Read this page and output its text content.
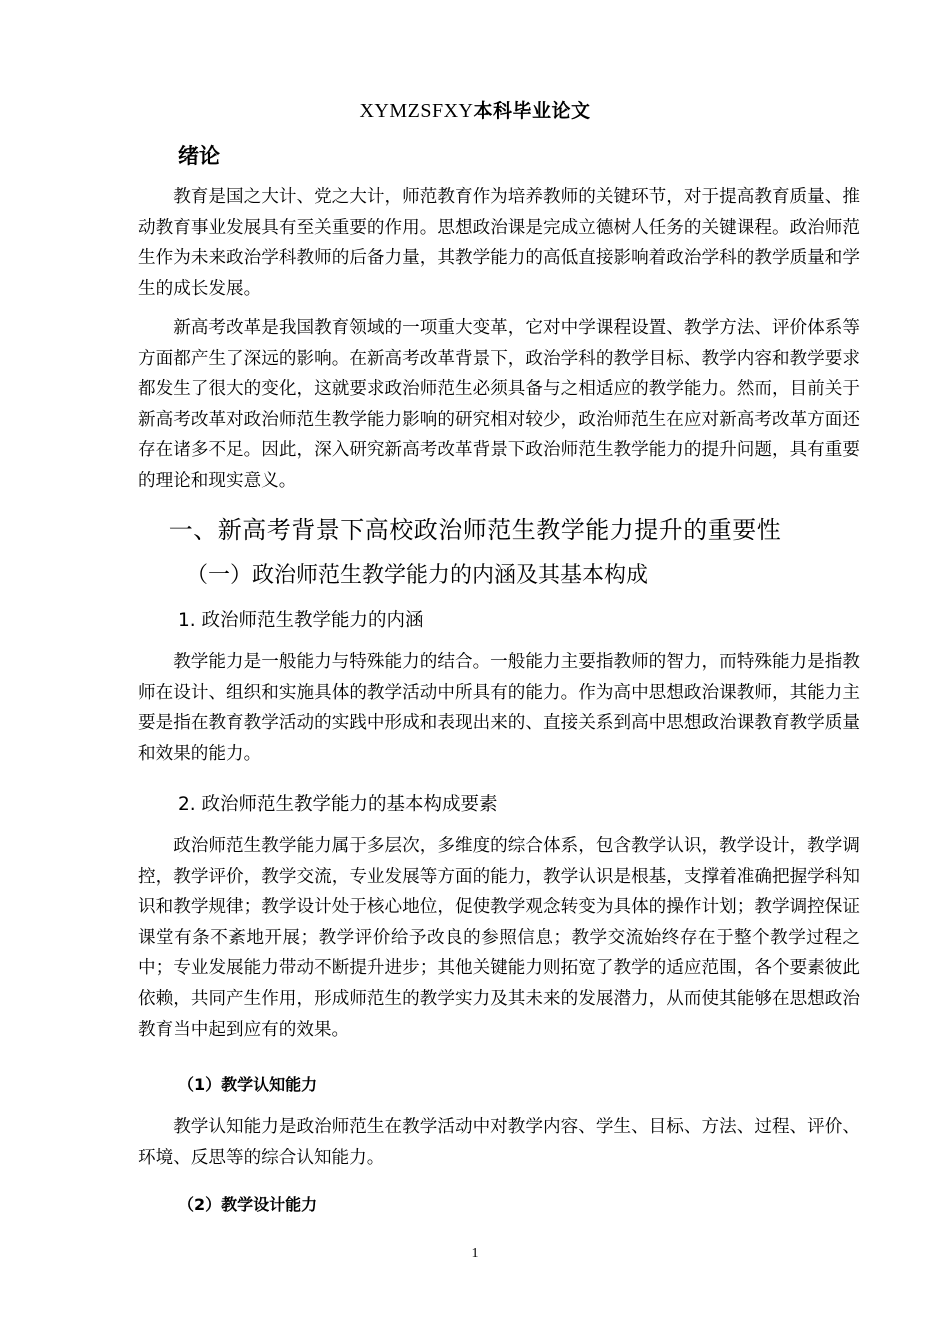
XYMZSFXY本科毕业论文
绪论

教育是国之大计、党之大计，师范教育作为培养教师的关键环节，对于提高教育质量、推动教育事业发展具有至关重要的作用。思想政治课是完成立德树人任务的关键课程。政治师范生作为未来政治学科教师的后备力量，其教学能力的高低直接影响着政治学科的教学质量和学生的成长发展。

新高考改革是我国教育领域的一项重大变革，它对中学课程设置、教学方法、评价体系等方面都产生了深远的影响。在新高考改革背景下，政治学科的教学目标、教学内容和教学要求都发生了很大的变化，这就要求政治师范生必须具备与之相适应的教学能力。然而，目前关于新高考改革对政治师范生教学能力影响的研究相对较少，政治师范生在应对新高考改革方面还存在诸多不足。因此，深入研究新高考改革背景下政治师范生教学能力的提升问题，具有重要的理论和现实意义。

一、新高考背景下高校政治师范生教学能力提升的重要性
（一）政治师范生教学能力的内涵及其基本构成
1. 政治师范生教学能力的内涵

教学能力是一般能力与特殊能力的结合。一般能力主要指教师的智力，而特殊能力是指教师在设计、组织和实施具体的教学活动中所具有的能力。作为高中思想政治课教师，其能力主要是指在教育教学活动的实践中形成和表现出来的、直接关系到高中思想政治课教育教学质量和效果的能力。

2. 政治师范生教学能力的基本构成要素

政治师范生教学能力属于多层次，多维度的综合体系，包含教学认识，教学设计，教学调控，教学评价，教学交流，专业发展等方面的能力，教学认识是根基，支撑着准确把握学科知识和教学规律；教学设计处于核心地位，促使教学观念转变为具体的操作计划；教学调控保证课堂有条不紊地开展；教学评价给予改良的参照信息；教学交流始终存在于整个教学过程之中；专业发展能力带动不断提升进步；其他关键能力则拓宽了教学的适应范围，各个要素彼此依赖，共同产生作用，形成师范生的教学实力及其未来的发展潜力，从而使其能够在思想政治教育当中起到应有的效果。

（1）教学认知能力

教学认知能力是政治师范生在教学活动中对教学内容、学生、目标、方法、过程、评价、环境、反思等的综合认知能力。

（2）教学设计能力
1
